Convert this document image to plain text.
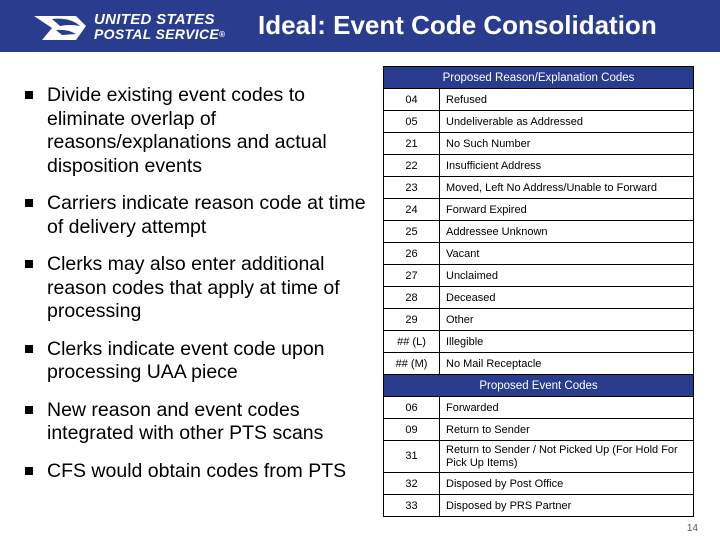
UNITED STATES
POSTAL SERVICE® Ideal: Event Code Consolidation
Divide existing event codes to eliminate overlap of reasons/explanations and actual disposition events
Carriers indicate reason code at time of delivery attempt
Clerks may also enter additional reason codes that apply at time of processing
Clerks indicate event code upon processing UAA piece
New reason and event codes integrated with other PTS scans
CFS would obtain codes from PTS
Proposed Reason/Explanation Codes	
04	Refused
05	Undeliverable as Addressed
21	No Such Number
22	Insufficient Address
23	Moved, Left No Address/Unable to Forward
24	Forward Expired
25	Addressee Unknown
26	Vacant
27	Unclaimed
28	Deceased
29	Other
## (L)	Illegible
## (M)	No Mail Receptacle
Proposed Event Codes	
06	Forwarded
09	Return to Sender
31	Return to Sender / Not Picked Up (For Hold For Pick Up Items)
32	Disposed by Post Office
33	Disposed by PRS Partner
14
